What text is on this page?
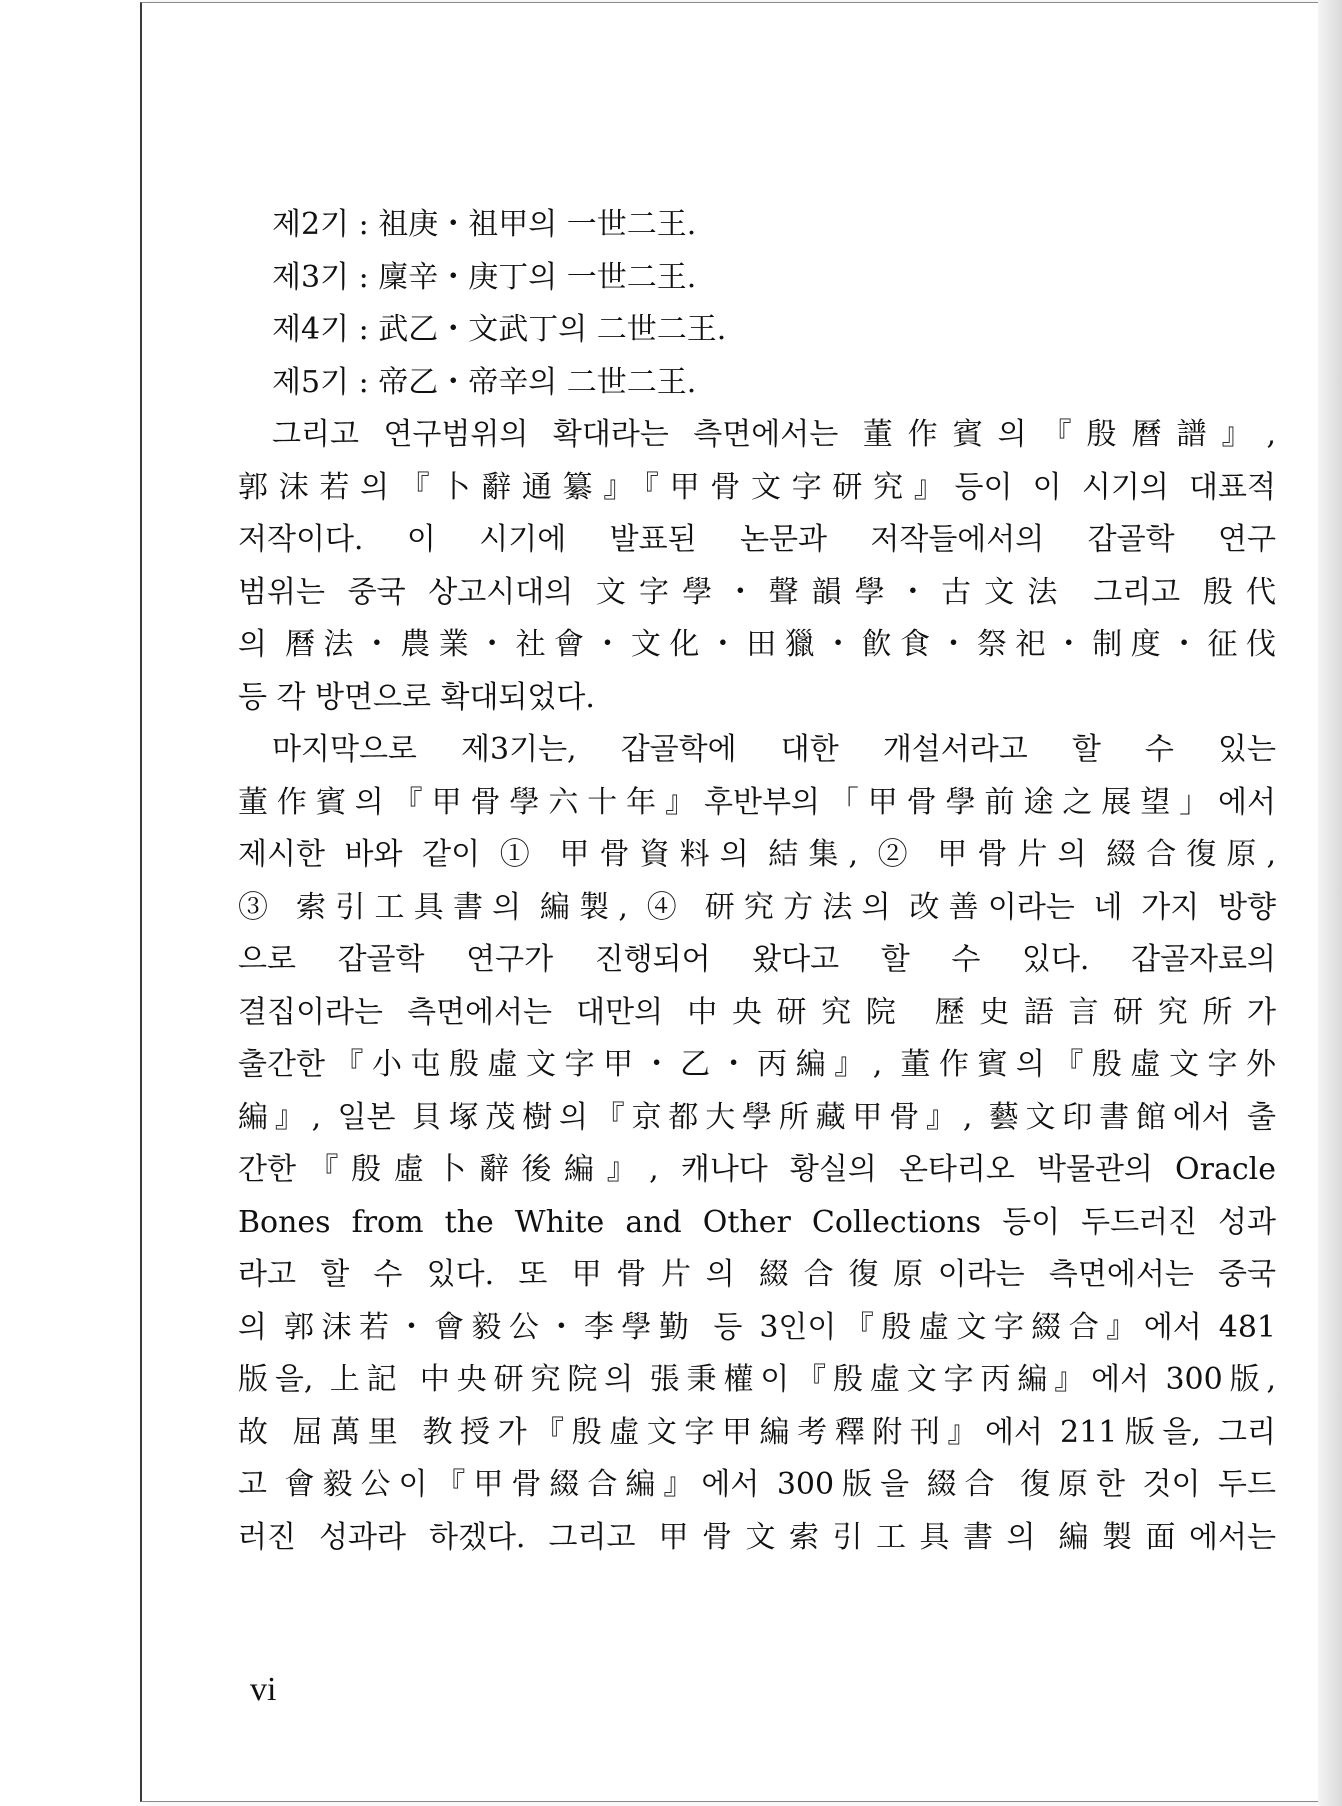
제2기 : 祖庚・祖甲의 一世二王.
제3기 : 廩辛・庚丁의 一世二王.
제4기 : 武乙・文武丁의 二世二王.
제5기 : 帝乙・帝辛의 二世二王.
그리고 연구범위의 확대라는 측면에서는 董作賓의『殷曆譜』,
郭沫若의『卜辭通纂』『甲骨文字研究』등이 이 시기의 대표적
저작이다. 이 시기에 발표된 논문과 저작들에서의 갑골학 연구
범위는 중국 상고시대의 文字學・聲韻學・古文法 그리고 殷代
의 曆法・農業・社會・文化・田獵・飮食・祭祀・制度・征伐
등 각 방면으로 확대되었다.
마지막으로 제3기는, 갑골학에 대한 개설서라고 할 수 있는
董作賓의『甲骨學六十年』후반부의「甲骨學前途之展望」에서
제시한 바와 같이 ① 甲骨資料의 結集, ② 甲骨片의 綴合復原,
③ 索引工具書의 編製, ④ 研究方法의 改善이라는 네 가지 방향
으로 갑골학 연구가 진행되어 왔다고 할 수 있다. 갑골자료의
결집이라는 측면에서는 대만의 中央研究院 歷史語言研究所가
출간한『小屯殷虛文字甲・乙・丙編』, 董作賓의『殷虛文字外
編』, 일본 貝塚茂樹의『京都大學所藏甲骨』, 藝文印書館에서 출
간한『殷虛卜辭後編』, 캐나다 황실의 온타리오 박물관의 Oracle
Bones from the White and Other Collections 등이 두드러진 성과
라고 할 수 있다. 또 甲骨片의 綴合復原이라는 측면에서는 중국
의 郭沫若・會毅公・李學勤 등 3인이『殷虛文字綴合』에서 481
版을, 上記 中央研究院의 張秉權이『殷虛文字丙編』에서 300版,
故 屈萬里 教授가『殷虛文字甲編考釋附刊』에서 211版을, 그리
고 會毅公이『甲骨綴合編』에서 300版을 綴合 復原한 것이 두드
러진 성과라 하겠다. 그리고 甲骨文索引工具書의 編製面에서는
vi
